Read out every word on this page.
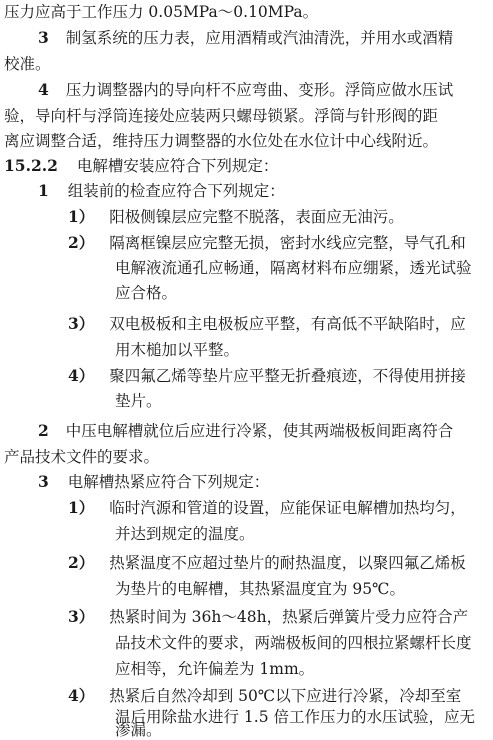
压力应高于工作压力 0.05MPa～0.10MPa。
3 制氢系统的压力表，应用酒精或汽油清洗，并用水或酒精
校准。
4 压力调整器内的导向杆不应弯曲、变形。浮筒应做水压试
验，导向杆与浮筒连接处应装两只螺母锁紧。浮筒与针形阀的距
离应调整合适，维持压力调整器的水位处在水位计中心线附近。
15.2.2 电解槽安装应符合下列规定：
1 组装前的检查应符合下列规定：
1） 阳极侧镍层应完整不脱落，表面应无油污。
2） 隔离框镍层应完整无损，密封水线应完整，导气孔和
电解液流通孔应畅通，隔离材料布应绷紧，透光试验
应合格。
3） 双电极板和主电极板应平整，有高低不平缺陷时，应
用木槌加以平整。
4） 聚四氟乙烯等垫片应平整无折叠痕迹，不得使用拼接
垫片。
2 中压电解槽就位后应进行冷紧，使其两端极板间距离符合
产品技术文件的要求。
3 电解槽热紧应符合下列规定：
1） 临时汽源和管道的设置，应能保证电解槽加热均匀，
并达到规定的温度。
2） 热紧温度不应超过垫片的耐热温度，以聚四氟乙烯板
为垫片的电解槽，其热紧温度宜为 95℃。
3） 热紧时间为 36h～48h，热紧后弹簧片受力应符合产
品技术文件的要求，两端极板间的四根拉紧螺杆长度
应相等，允许偏差为 1mm。
4） 热紧后自然冷却到 50℃以下应进行冷紧，冷却至室
温后用除盐水进行 1.5 倍工作压力的水压试验，应无
渗漏。
